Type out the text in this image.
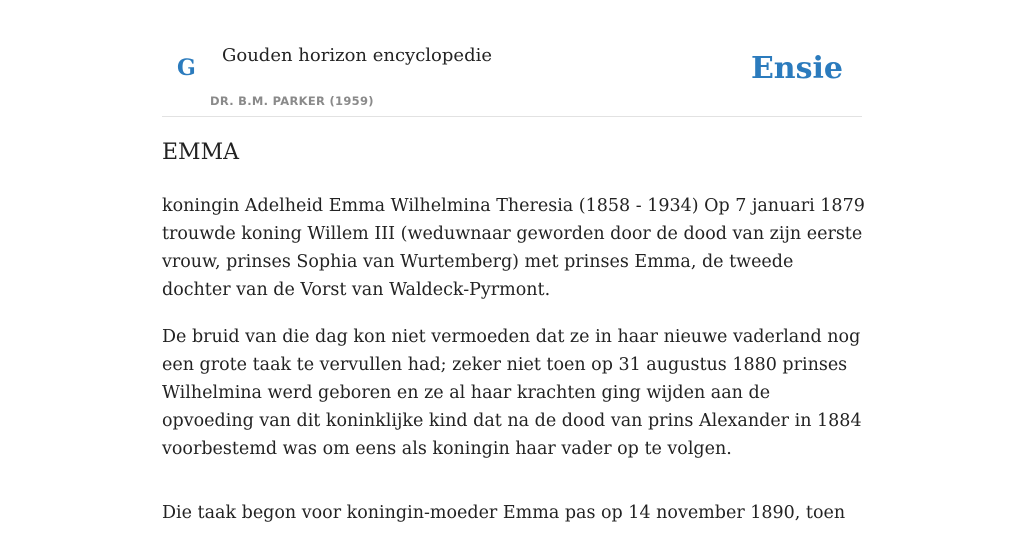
G Gouden horizon encyclopedie
DR. B.M. PARKER (1959)
Ensie
EMMA

koningin Adelheid Emma Wilhelmina Theresia (1858 - 1934) Op 7 januari 1879 trouwde koning Willem III (weduwnaar geworden door de dood van zijn eerste vrouw, prinses Sophia van Wurtemberg) met prinses Emma, de tweede dochter van de Vorst van Waldeck-Pyrmont.

De bruid van die dag kon niet vermoeden dat ze in haar nieuwe vaderland nog een grote taak te vervullen had; zeker niet toen op 31 augustus 1880 prinses Wilhelmina werd geboren en ze al haar krachten ging wijden aan de opvoeding van dit koninklijke kind dat na de dood van prins Alexander in 1884 voorbestemd was om eens als koningin haar vader op te volgen.

Die taak begon voor koningin-moeder Emma pas op 14 november 1890, toen
